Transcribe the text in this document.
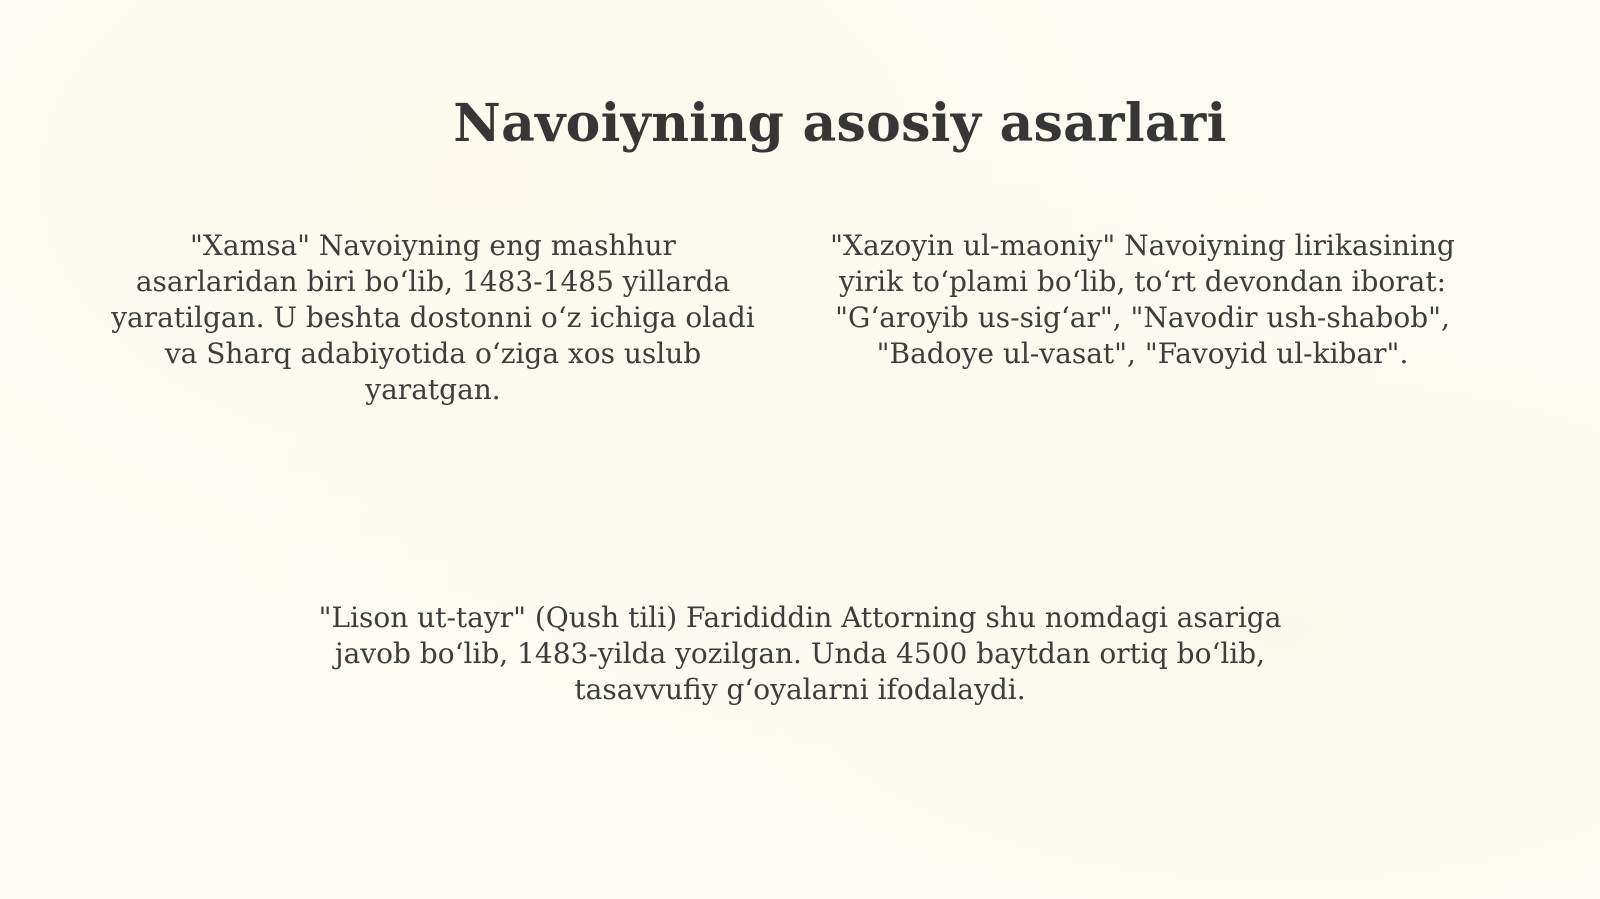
Navoiyning asosiy asarlari

"Xamsa" Navoiyning eng mashhur asarlaridan biri bo‘lib, 1483-1485 yillarda yaratilgan. U beshta dostonni o‘z ichiga oladi va Sharq adabiyotida o‘ziga xos uslub yaratgan.

"Xazoyin ul-maoniy" Navoiyning lirikasining yirik to‘plami bo‘lib, to‘rt devondan iborat: "G‘aroyib us-sig‘ar", "Navodir ush-shabob", "Badoye ul-vasat", "Favoyid ul-kibar".

"Lison ut-tayr" (Qush tili) Farididdin Attorning shu nomdagi asariga javob bo‘lib, 1483-yilda yozilgan. Unda 4500 baytdan ortiq bo‘lib, tasavvufiy g‘oyalarni ifodalaydi.
